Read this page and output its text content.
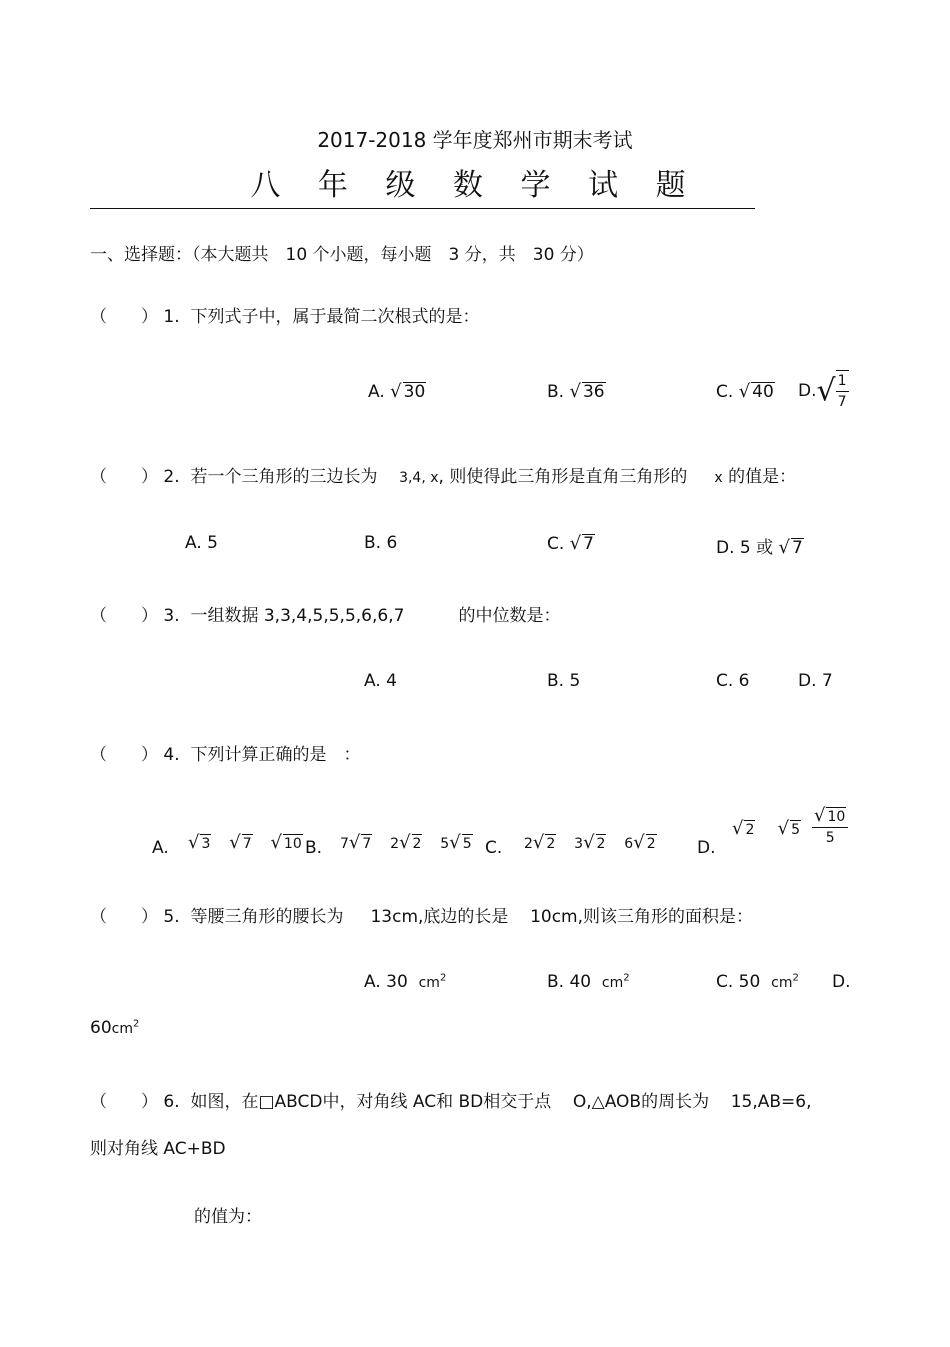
2017-2018 学年度郑州市期末考试
八 年 级 数 学 试 题
一、选择题：（本大题共　10 个小题，每小题　3 分，共　30 分）
（　　） 1. 下列式子中，属于最简二次根式的是：
A. √ 30	B. √ 36	C. √ 40 $D.√ \frac{1}{7}$
（　　） 2. 若一个三角形的三边长为 3,4, x, 则使得此三角形是直角三角形的 x 的值是：
A. 5	B. 6	C. √ 7	D. 5 或 √ 7
（　　） 3. 一组数据 3,3,4,5,5,5,6,6,7	的中位数是：
A. 4	B. 5	C. 6	D. 7
（　　） 4. 下列计算正确的是　：
A. √ 3 √ 7 √ 10 B. 7√ 7 2√ 2 5√ 5 C. 2√ 2 3√ 2 6√ 2 D.
√ 2 √ $5 \frac{√ 10}{5}$
（　　） 5. 等腰三角形的腰长为 13cm,底边的长是 10cm,则该三角形的面积是：
A. 30 $cm^2$	B. 40 $cm^2$	C. 50 $cm^2$ D.
$60cm^2$
（　　） 6. 如图，在□ABCD中，对角线 AC和 BD相交于点 O,△AOB的周长为 15,AB=6,
则对角线 AC+BD
的值为：
